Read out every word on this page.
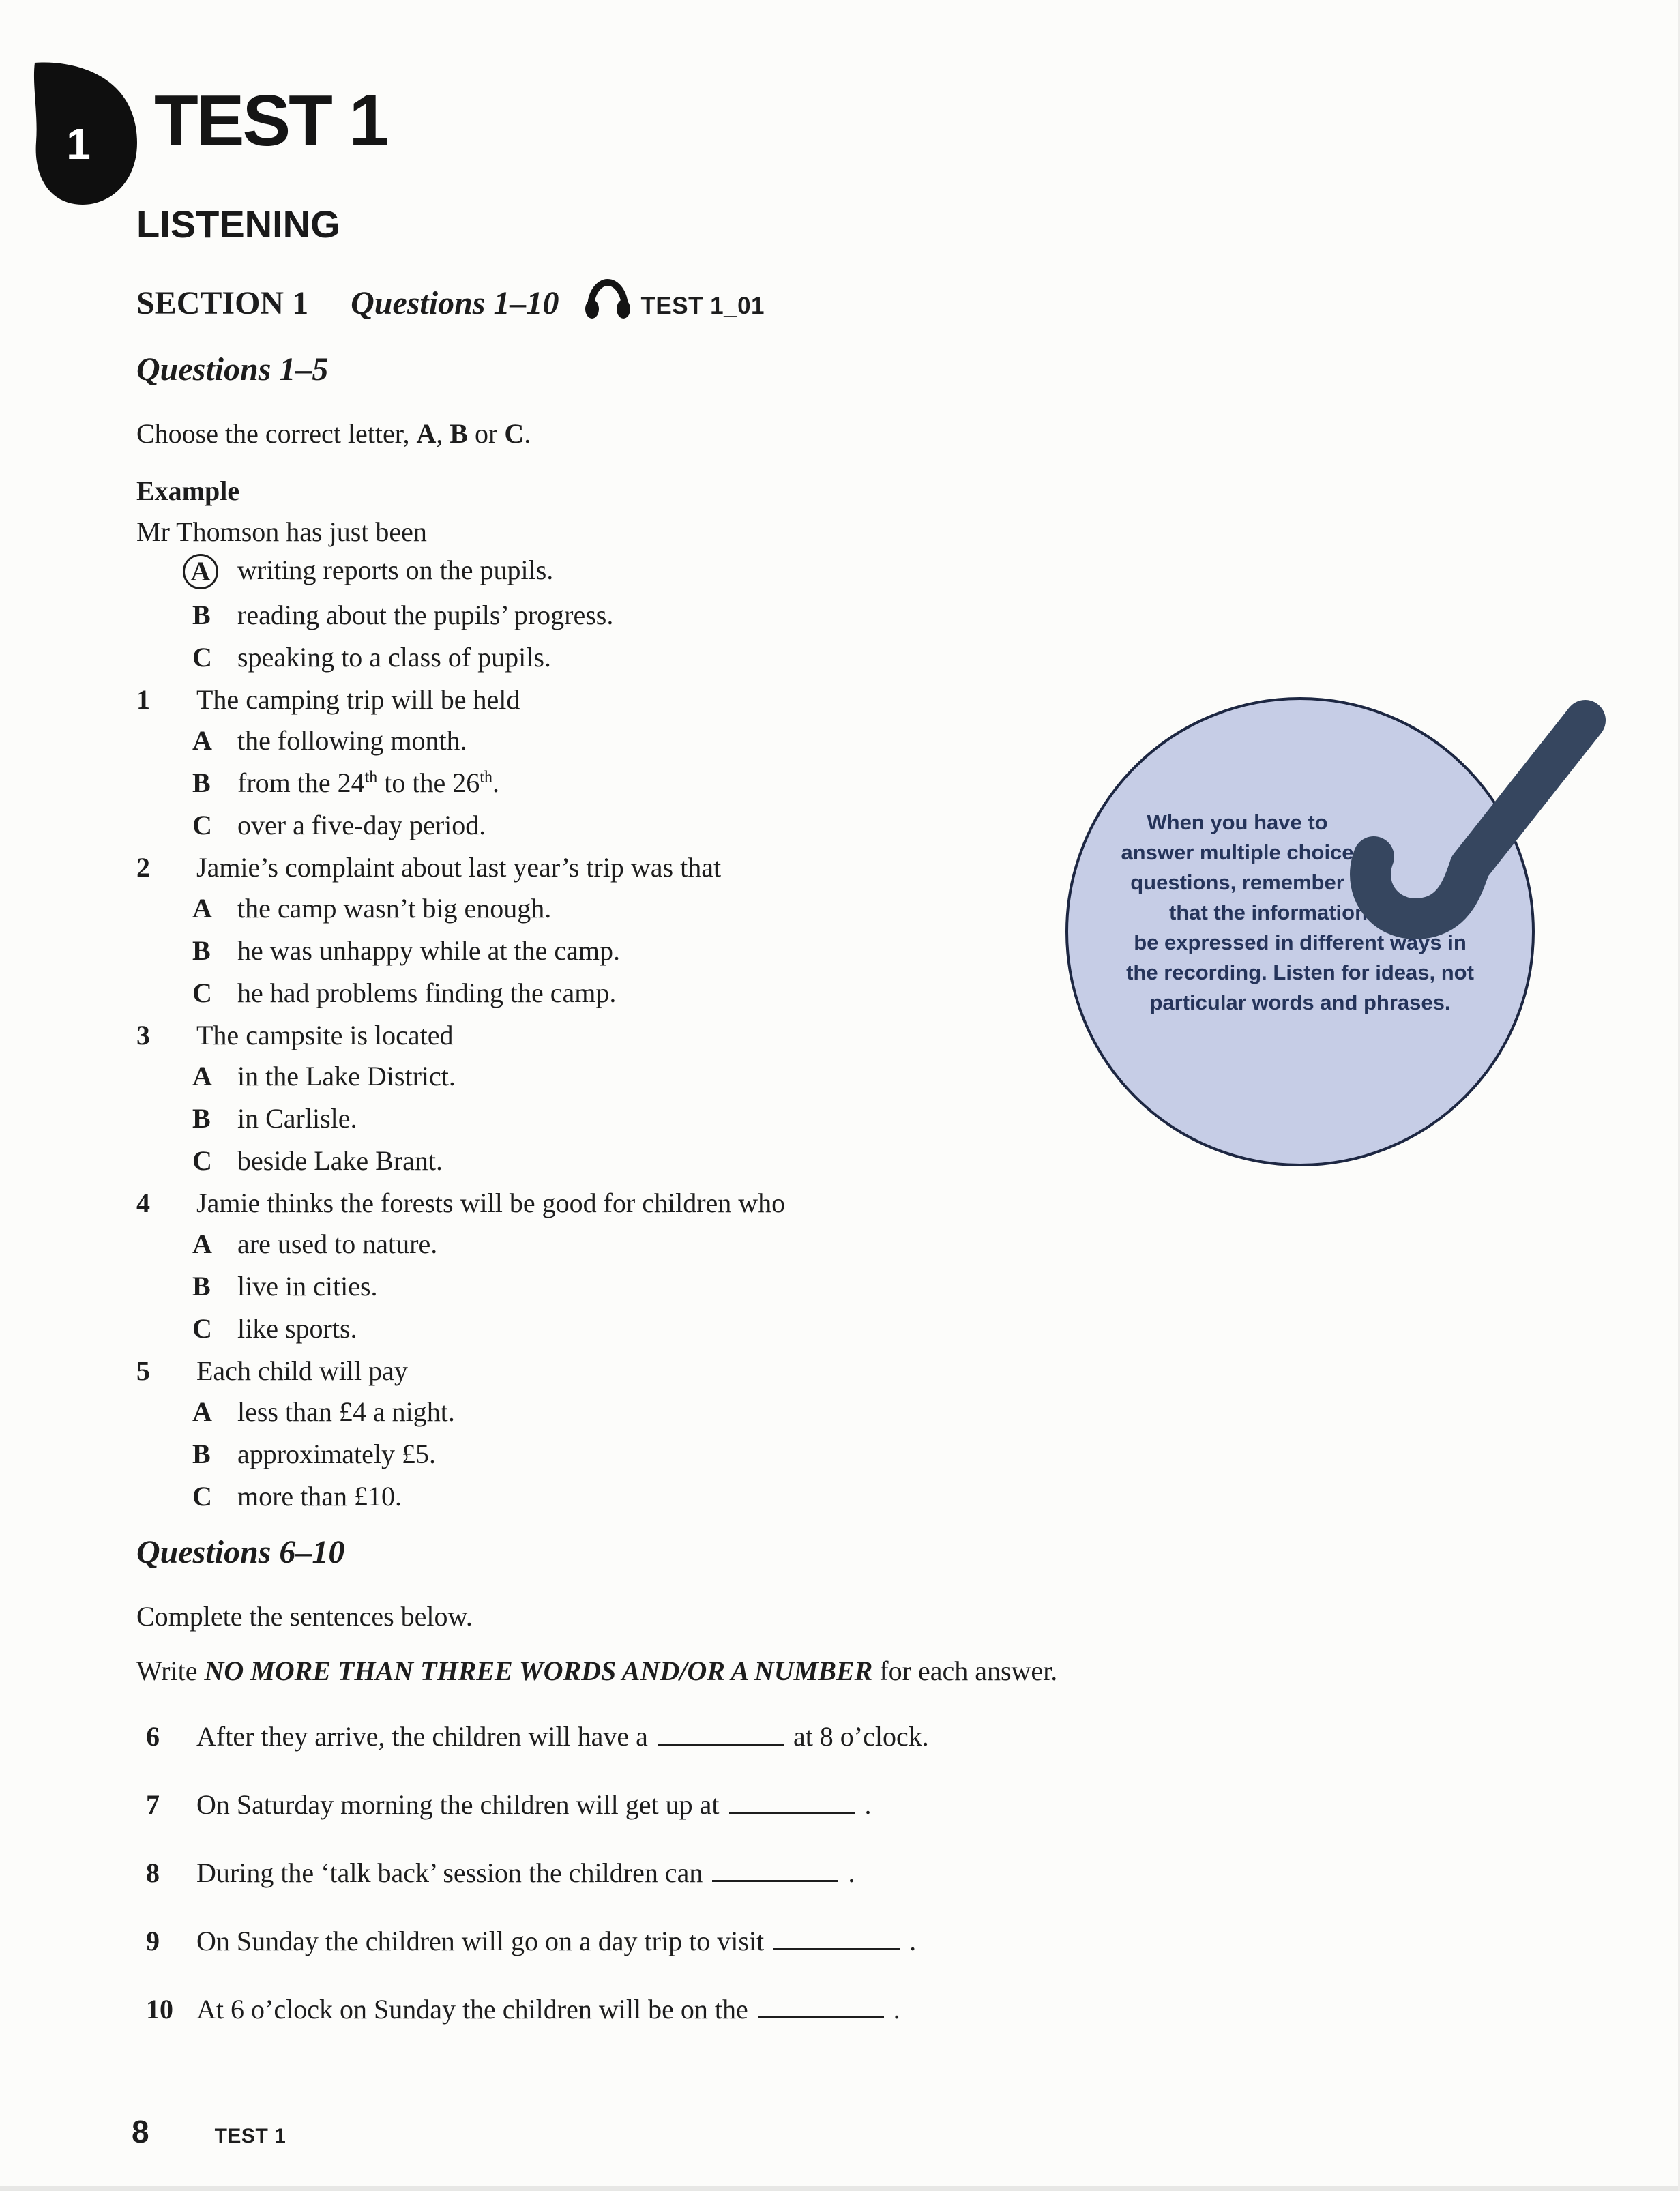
1 TEST 1
LISTENING
SECTION 1 Questions 1–10	TEST 1_01
Questions 1–5
Choose the correct letter, A, B or C.
Example
Mr Thomson has just been
A writing reports on the pupils.
B reading about the pupils’ progress.
C speaking to a class of pupils.
1	The camping trip will be held
A the following month.
B from the 24th to the 26th.
C over a five-day period.
2	Jamie’s complaint about last year’s trip was that
A the camp wasn’t big enough.
B he was unhappy while at the camp.
C he had problems finding the camp.
3	The campsite is located
A in the Lake District.
B in Carlisle.
C beside Lake Brant.
4	Jamie thinks the forests will be good for children who
A are used to nature.
B live in cities.
C like sports.
5	Each child will pay
A less than £4 a night.
B approximately £5.
C more than £10.
Questions 6–10
Complete the sentences below.
Write NO MORE THAN THREE WORDS AND/OR A NUMBER for each answer.
6	After they arrive, the children will have a	at 8 o’clock.
7	On Saturday morning the children will get up at	.
8	During the ‘talk back’ session the children can	.
9	On Sunday the children will go on a day trip to visit	.
10 At 6 o’clock on Sunday the children will be on the	.
When you have to
answer multiple choice
questions, remember
that the information might
be expressed in different ways in
the recording. Listen for ideas, not
particular words and phrases.
8	TEST 1
